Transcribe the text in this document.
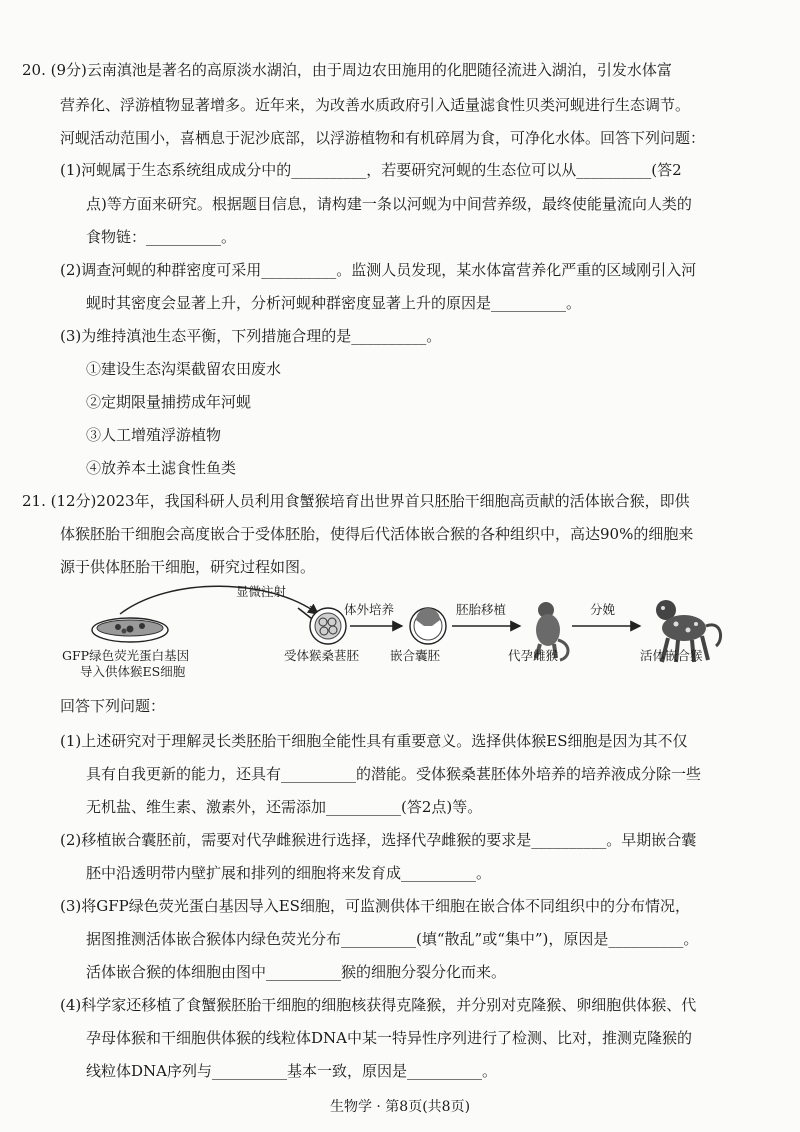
20. (9分)云南滇池是著名的高原淡水湖泊，由于周边农田施用的化肥随径流进入湖泊，引发水体富
营养化、浮游植物显著增多。近年来，为改善水质政府引入适量滤食性贝类河蚬进行生态调节。
河蚬活动范围小，喜栖息于泥沙底部，以浮游植物和有机碎屑为食，可净化水体。回答下列问题：
(1)河蚬属于生态系统组成成分中的__________，若要研究河蚬的生态位可以从__________(答2
点)等方面来研究。根据题目信息，请构建一条以河蚬为中间营养级，最终使能量流向人类的
食物链：__________。
(2)调查河蚬的种群密度可采用__________。监测人员发现，某水体富营养化严重的区域刚引入河
蚬时其密度会显著上升，分析河蚬种群密度显著上升的原因是__________。
(3)为维持滇池生态平衡，下列措施合理的是__________。
①建设生态沟渠截留农田废水
②定期限量捕捞成年河蚬
③人工增殖浮游植物
④放养本土滤食性鱼类
21. (12分)2023年，我国科研人员利用食蟹猴培育出世界首只胚胎干细胞高贡献的活体嵌合猴，即供
体猴胚胎干细胞会高度嵌合于受体胚胎，使得后代活体嵌合猴的各种组织中，高达90%的细胞来
源于供体胚胎干细胞，研究过程如图。
显微注射
体外培养	胚胎移植	分娩
GFP绿色荧光蛋白基因
导入供体猴ES细胞
受体猴桑葚胚 嵌合囊胚	代孕雌猴	活体嵌合猴
回答下列问题：
(1)上述研究对于理解灵长类胚胎干细胞全能性具有重要意义。选择供体猴ES细胞是因为其不仅
具有自我更新的能力，还具有__________的潜能。受体猴桑葚胚体外培养的培养液成分除一些
无机盐、维生素、激素外，还需添加__________(答2点)等。
(2)移植嵌合囊胚前，需要对代孕雌猴进行选择，选择代孕雌猴的要求是__________。早期嵌合囊
胚中沿透明带内壁扩展和排列的细胞将来发育成__________。
(3)将GFP绿色荧光蛋白基因导入ES细胞，可监测供体干细胞在嵌合体不同组织中的分布情况，
据图推测活体嵌合猴体内绿色荧光分布__________(填“散乱”或“集中”)，原因是__________。
活体嵌合猴的体细胞由图中__________猴的细胞分裂分化而来。
(4)科学家还移植了食蟹猴胚胎干细胞的细胞核获得克隆猴，并分别对克隆猴、卵细胞供体猴、代
孕母体猴和干细胞供体猴的线粒体DNA中某一特异性序列进行了检测、比对，推测克隆猴的
线粒体DNA序列与__________基本一致，原因是__________。
生物学 · 第8页(共8页)
